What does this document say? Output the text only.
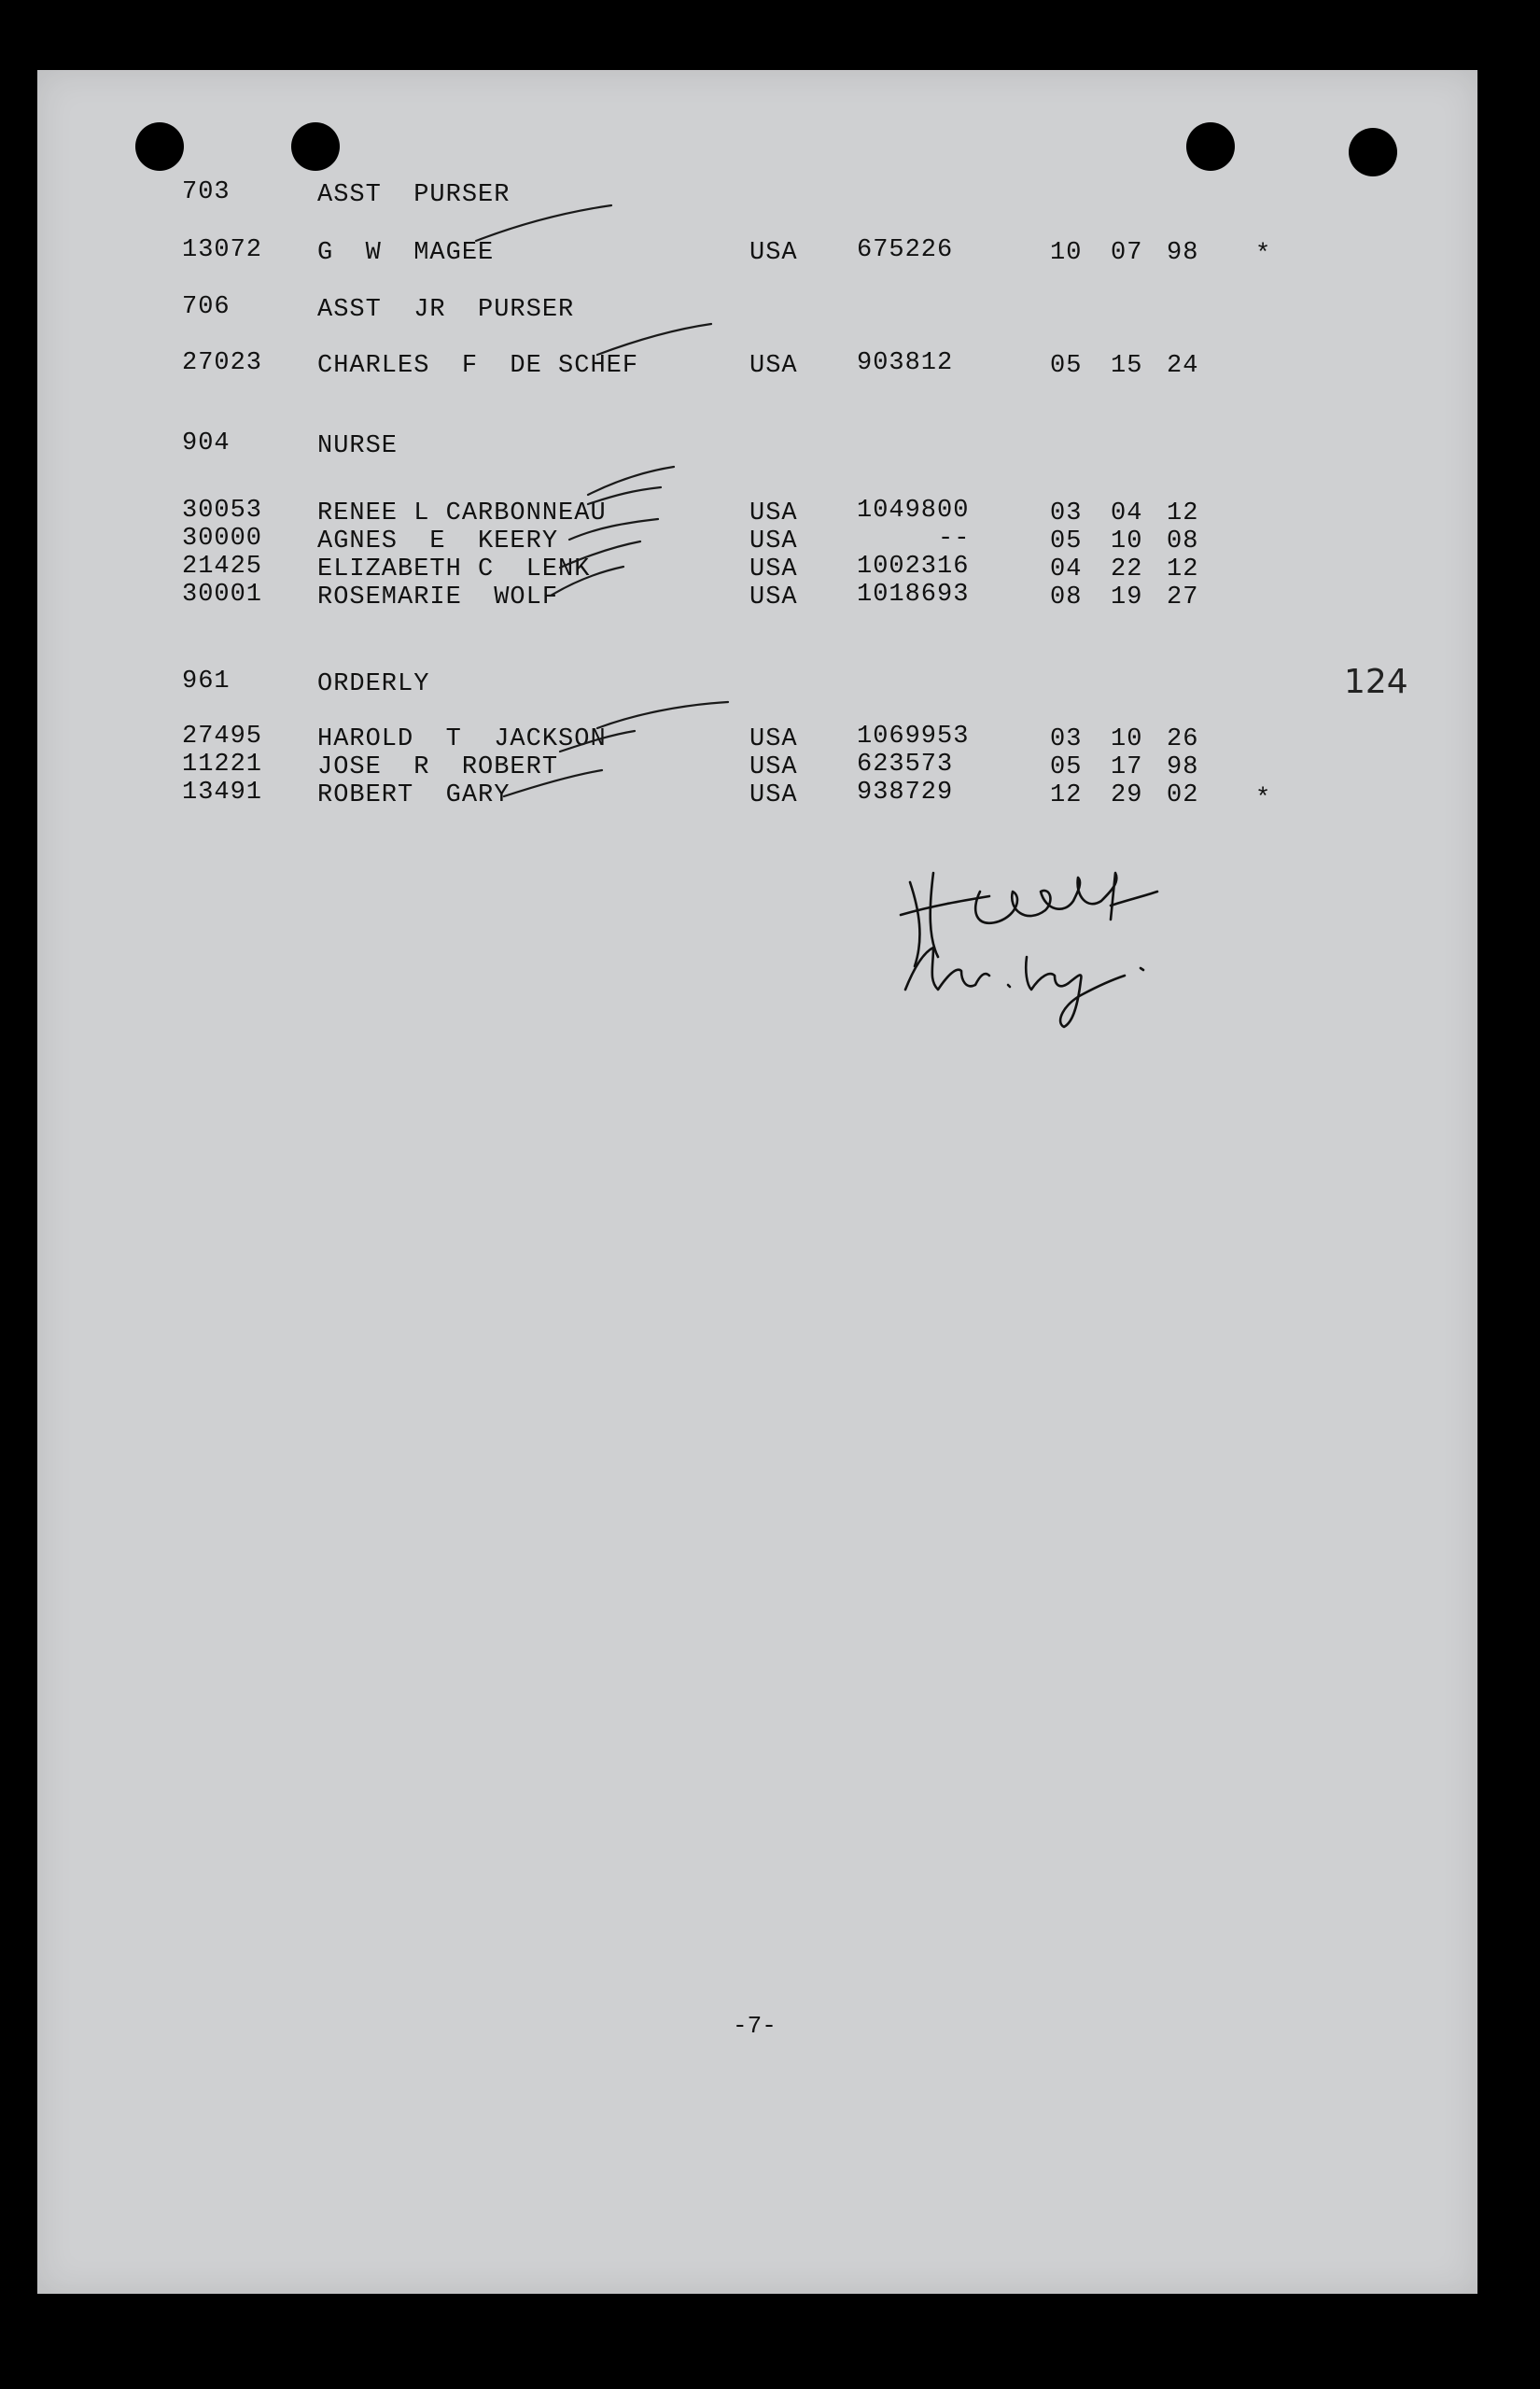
703	ASST  PURSER
13072 G  W  MAGEE	USA 675226	10 07 98 *
706	ASST  JR  PURSER
27023 CHARLES  F  DE SCHEF	USA 903812	05 15 24
904	NURSE
30053 RENEE L CARBONNEAU	USA 1049800	03 04 12
30000 AGNES  E  KEERY	USA	--	05 10 08
21425 ELIZABETH C  LENK	USA 1002316	04 22 12
30001 ROSEMARIE  WOLF	USA 1018693	08 19 27
961	ORDERLY
27495 HAROLD  T  JACKSON	USA 1069953	03 10 26
11221 JOSE  R  ROBERT	USA 623573	05 17 98
13491 ROBERT  GARY	USA 938729	12 29 02 *
124
-7-
